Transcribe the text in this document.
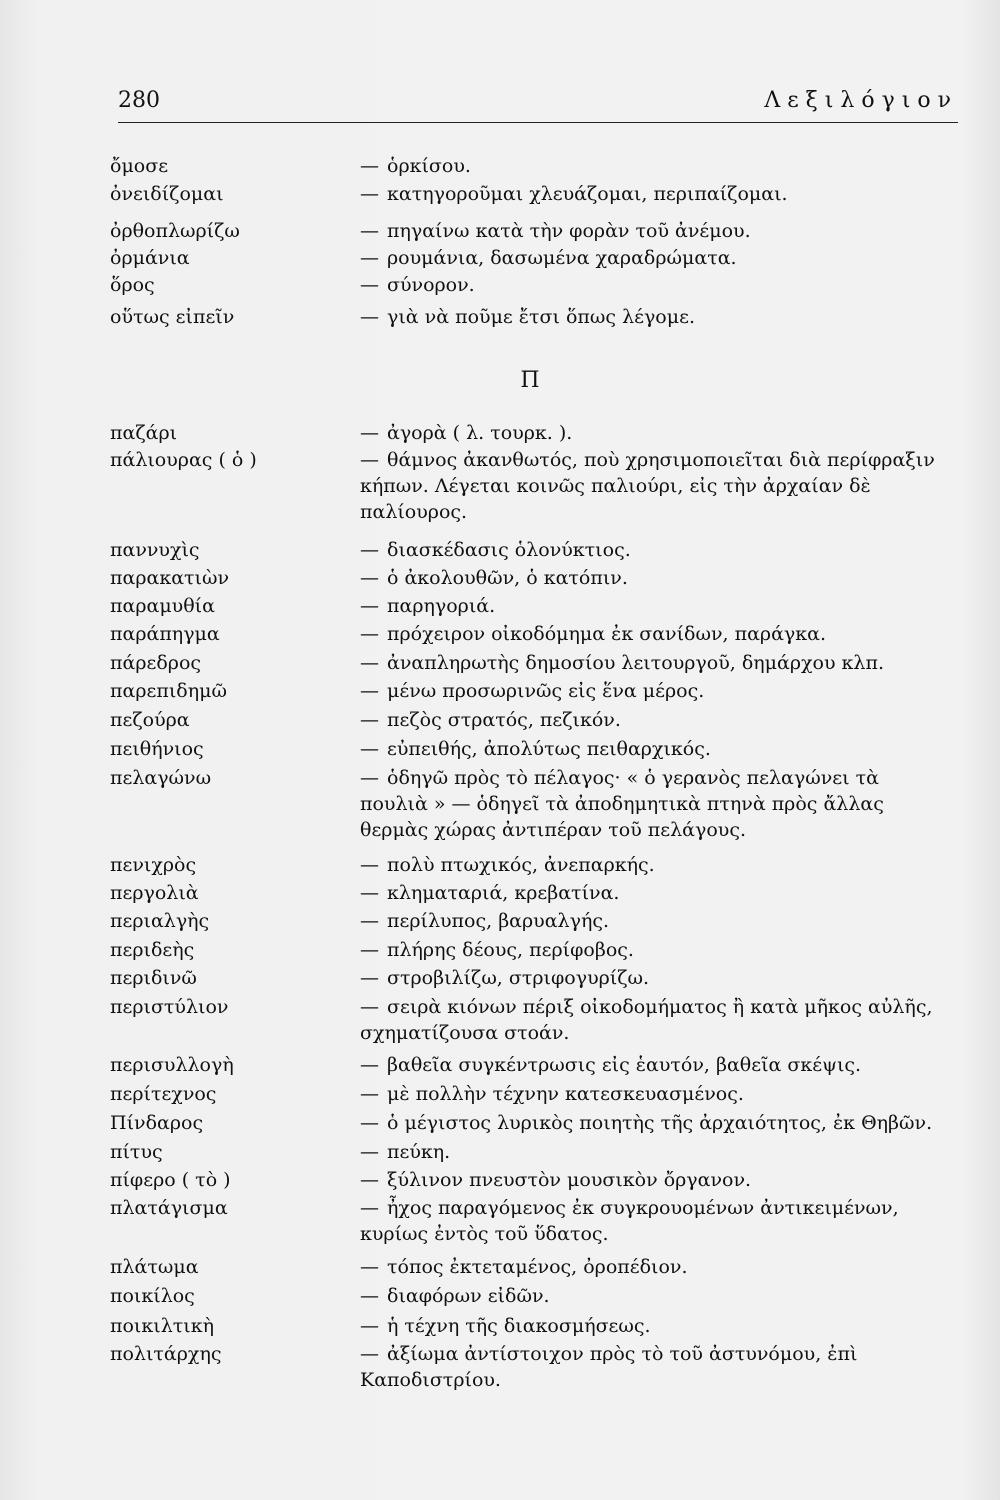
280	Λεξιλόγιον
Π
ὄμοσε	— ὁρκίσου.
ὀνειδίζομαι	— κατηγοροῦμαι χλευάζομαι, περιπαίζομαι.
ὀρθοπλωρίζω	— πηγαίνω κατὰ τὴν φορὰν τοῦ ἀνέμου.
ὀρμάνια	— ρουμάνια, δασωμένα χαραδρώματα.
ὅρος	— σύνορον.
οὕτως εἰπεῖν	— γιὰ νὰ ποῦμε ἔτσι ὅπως λέγομε.
παζάρι	— ἀγορὰ ( λ. τουρκ. ).
πάλιουρας ( ὁ )	— θάμνος ἀκανθωτός, ποὺ χρησιμοποιεῖται διὰ περίφραξιν κήπων. Λέγεται κοινῶς παλιούρι, εἰς τὴν ἀρχαίαν δὲ παλίουρος.
παννυχὶς	— διασκέδασις ὁλονύκτιος.
παρακατιὼν	— ὁ ἀκολουθῶν, ὁ κατόπιν.
παραμυθία	— παρηγοριά.
παράπηγμα	— πρόχειρον οἰκοδόμημα ἐκ σανίδων, παράγκα.
πάρεδρος	— ἀναπληρωτὴς δημοσίου λειτουργοῦ, δημάρχου κλπ.
παρεπιδημῶ	— μένω προσωρινῶς εἰς ἕνα μέρος.
πεζούρα	— πεζὸς στρατός, πεζικόν.
πειθήνιος	— εὐπειθής, ἀπολύτως πειθαρχικός.
πελαγώνω	— ὁδηγῶ πρὸς τὸ πέλαγος· « ὁ γερανὸς πελαγώνει τὰ πουλιὰ » — ὁδηγεῖ τὰ ἀποδημητικὰ πτηνὰ πρὸς ἄλλας θερμὰς χώρας ἀντιπέραν τοῦ πελάγους.
πενιχρὸς	— πολὺ πτωχικός, ἀνεπαρκής.
περγολιὰ	— κληματαριά, κρεβατίνα.
περιαλγὴς	— περίλυπος, βαρυαλγής.
περιδεὴς	— πλήρης δέους, περίφοβος.
περιδινῶ	— στροβιλίζω, στριφογυρίζω.
περιστύλιον	— σειρὰ κιόνων πέριξ οἰκοδομήματος ἢ κατὰ μῆκος αὐλῆς, σχηματίζουσα στοάν.
περισυλλογὴ	— βαθεῖα συγκέντρωσις εἰς ἑαυτόν, βαθεῖα σκέψις.
περίτεχνος	— μὲ πολλὴν τέχνην κατεσκευασμένος.
Πίνδαρος	— ὁ μέγιστος λυρικὸς ποιητὴς τῆς ἀρχαιότητος, ἐκ Θηβῶν.
πίτυς	— πεύκη.
πίφερο ( τὸ )	— ξύλινον πνευστὸν μουσικὸν ὄργανον.
πλατάγισμα	— ἦχος παραγόμενος ἐκ συγκρουομένων ἀντικειμένων, κυρίως ἐντὸς τοῦ ὕδατος.
πλάτωμα	— τόπος ἐκτεταμένος, ὀροπέδιον.
ποικίλος	— διαφόρων εἰδῶν.
ποικιλτικὴ	— ἡ τέχνη τῆς διακοσμήσεως.
πολιτάρχης	— ἀξίωμα ἀντίστοιχον πρὸς τὸ τοῦ ἀστυνόμου, ἐπὶ Καποδιστρίου.
